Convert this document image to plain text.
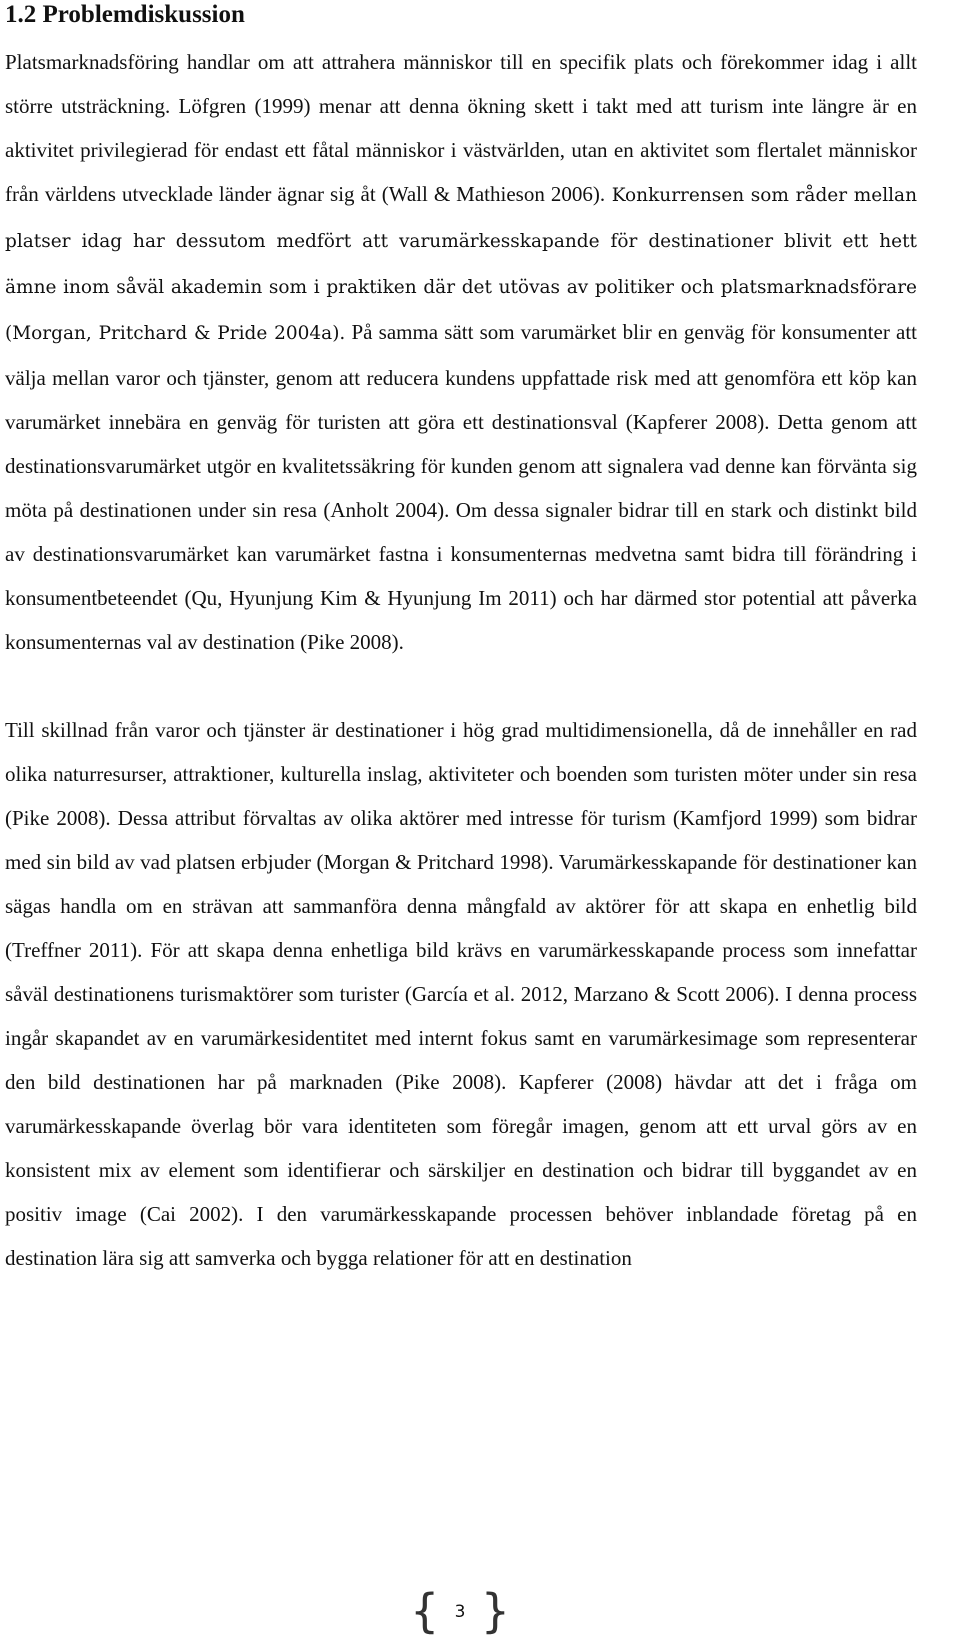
1.2 Problemdiskussion

Platsmarknadsföring handlar om att attrahera människor till en specifik plats och förekommer idag i allt större utsträckning. Löfgren (1999) menar att denna ökning skett i takt med att turism inte längre är en aktivitet privilegierad för endast ett fåtal människor i västvärlden, utan en aktivitet som flertalet människor från världens utvecklade länder ägnar sig åt (Wall & Mathieson 2006). Konkurrensen som råder mellan platser idag har dessutom medfört att varumärkesskapande för destinationer blivit ett hett ämne inom såväl akademin som i praktiken där det utövas av politiker och platsmarknadsförare (Morgan, Pritchard & Pride 2004a). På samma sätt som varumärket blir en genväg för konsumenter att välja mellan varor och tjänster, genom att reducera kundens uppfattade risk med att genomföra ett köp kan varumärket innebära en genväg för turisten att göra ett destinationsval (Kapferer 2008). Detta genom att destinationsvarumärket utgör en kvalitetssäkring för kunden genom att signalera vad denne kan förvänta sig möta på destinationen under sin resa (Anholt 2004). Om dessa signaler bidrar till en stark och distinkt bild av destinationsvarumärket kan varumärket fastna i konsumenternas medvetna samt bidra till förändring i konsumentbeteendet (Qu, Hyunjung Kim & Hyunjung Im 2011) och har därmed stor potential att påverka konsumenternas val av destination (Pike 2008).

Till skillnad från varor och tjänster är destinationer i hög grad multidimensionella, då de innehåller en rad olika naturresurser, attraktioner, kulturella inslag, aktiviteter och boenden som turisten möter under sin resa (Pike 2008). Dessa attribut förvaltas av olika aktörer med intresse för turism (Kamfjord 1999) som bidrar med sin bild av vad platsen erbjuder (Morgan & Pritchard 1998). Varumärkesskapande för destinationer kan sägas handla om en strävan att sammanföra denna mångfald av aktörer för att skapa en enhetlig bild (Treffner 2011). För att skapa denna enhetliga bild krävs en varumärkesskapande process som innefattar såväl destinationens turismaktörer som turister (García et al. 2012, Marzano & Scott 2006). I denna process ingår skapandet av en varumärkesidentitet med internt fokus samt en varumärkesimage som representerar den bild destinationen har på marknaden (Pike 2008). Kapferer (2008) hävdar att det i fråga om varumärkesskapande överlag bör vara identiteten som föregår imagen, genom att ett urval görs av en konsistent mix av element som identifierar och särskiljer en destination och bidrar till byggandet av en positiv image (Cai 2002). I den varumärkesskapande processen behöver inblandade företag på en destination lära sig att samverka och bygga relationer för att en destination

{ 3 }
